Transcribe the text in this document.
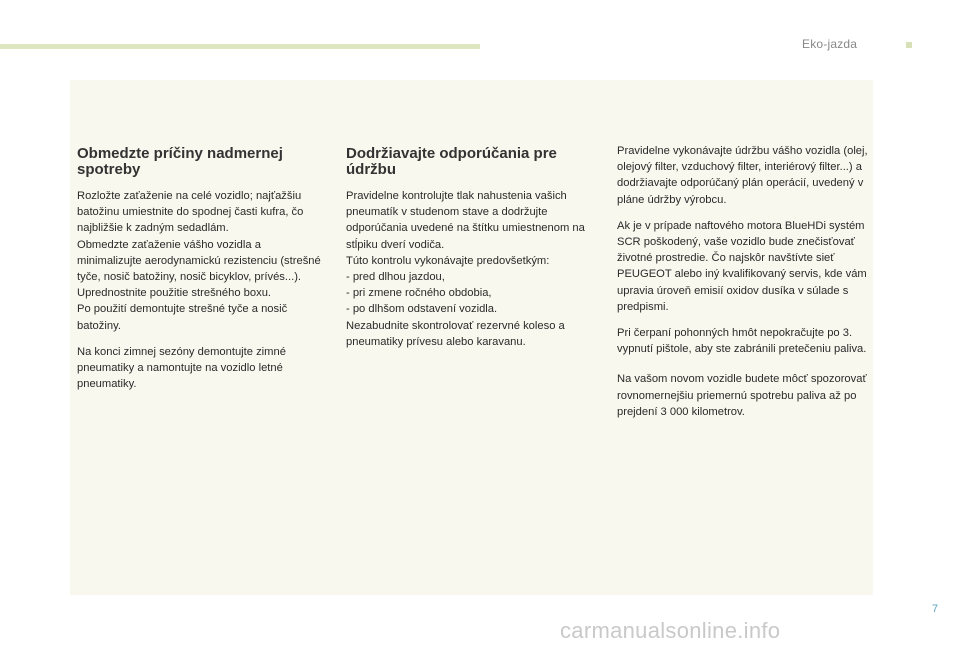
Eko-jazda
Obmedzte príčiny nadmernej spotreby

Rozložte zaťaženie na celé vozidlo; najťažšiu batožinu umiestnite do spodnej časti kufra, čo najbližšie k zadným sedadlám.
Obmedzte zaťaženie vášho vozidla a minimalizujte aerodynamickú rezistenciu (strešné tyče, nosič batožiny, nosič bicyklov, prívés...). Uprednostnite použitie strešného boxu.
Po použití demontujte strešné tyče a nosič batožiny.

Na konci zimnej sezóny demontujte zimné pneumatiky a namontujte na vozidlo letné pneumatiky.

Dodržiavajte odporúčania pre údržbu

Pravidelne kontrolujte tlak nahustenia vašich pneumatík v studenom stave a dodržujte odporúčania uvedené na štítku umiestnenom na stĺpiku dverí vodiča.
Túto kontrolu vykonávajte predovšetkým:
- pred dlhou jazdou,
- pri zmene ročného obdobia,
- po dlhšom odstavení vozidla.
Nezabudnite skontrolovať rezervné koleso a pneumatiky prívesu alebo karavanu.

Pravidelne vykonávajte údržbu vášho vozidla (olej, olejový filter, vzduchový filter, interiérový filter...) a dodržiavajte odporúčaný plán operácií, uvedený v pláne údržby výrobcu.

Ak je v prípade naftového motora BlueHDi systém SCR poškodený, vaše vozidlo bude znečisťovať životné prostredie. Čo najskôr navštívte sieť PEUGEOT alebo iný kvalifikovaný servis, kde vám upravia úroveň emisií oxidov dusíka v súlade s predpismi.

Pri čerpaní pohonných hmôt nepokračujte po 3. vypnutí pištole, aby ste zabránili pretečeniu paliva.

Na vašom novom vozidle budete môcť spozorovať rovnomernejšiu priemernú spotrebu paliva až po prejdení 3 000 kilometrov.

7
carmanualsonline.info
